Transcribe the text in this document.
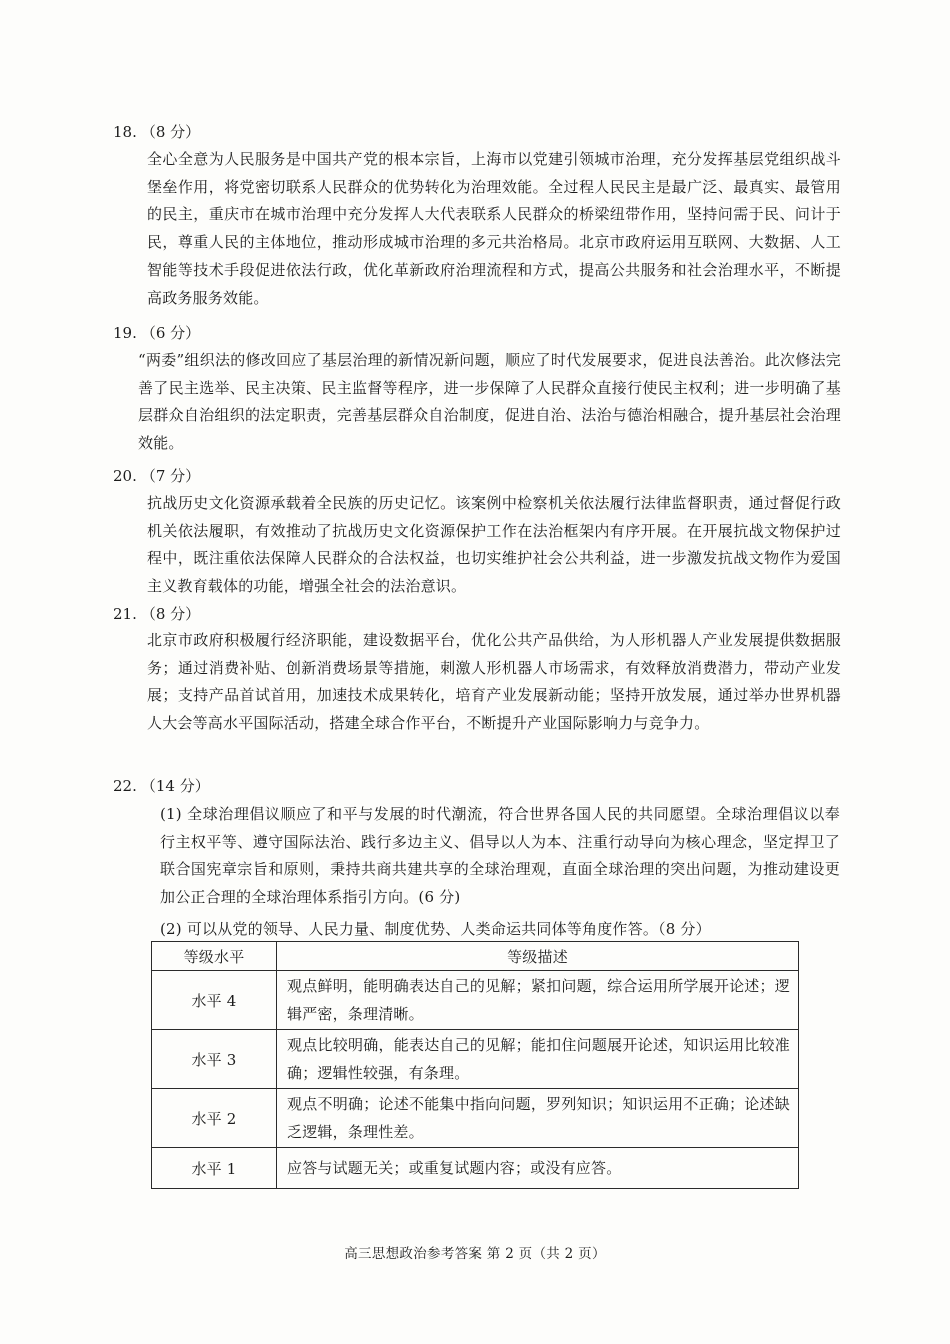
18. （8 分）
全心全意为人民服务是中国共产党的根本宗旨，上海市以党建引领城市治理，充分发挥基层党组织战斗堡垒作用，将党密切联系人民群众的优势转化为治理效能。全过程人民民主是最广泛、最真实、最管用的民主，重庆市在城市治理中充分发挥人大代表联系人民群众的桥梁纽带作用，坚持问需于民、问计于民，尊重人民的主体地位，推动形成城市治理的多元共治格局。北京市政府运用互联网、大数据、人工智能等技术手段促进依法行政，优化革新政府治理流程和方式，提高公共服务和社会治理水平，不断提高政务服务效能。
19. （6 分）
“两委”组织法的修改回应了基层治理的新情况新问题，顺应了时代发展要求，促进良法善治。此次修法完善了民主选举、民主决策、民主监督等程序，进一步保障了人民群众直接行使民主权利；进一步明确了基层群众自治组织的法定职责，完善基层群众自治制度，促进自治、法治与德治相融合，提升基层社会治理效能。
20. （7 分）
抗战历史文化资源承载着全民族的历史记忆。该案例中检察机关依法履行法律监督职责，通过督促行政机关依法履职，有效推动了抗战历史文化资源保护工作在法治框架内有序开展。在开展抗战文物保护过程中，既注重依法保障人民群众的合法权益，也切实维护社会公共利益，进一步激发抗战文物作为爱国主义教育载体的功能，增强全社会的法治意识。
21. （8 分）
北京市政府积极履行经济职能，建设数据平台，优化公共产品供给，为人形机器人产业发展提供数据服务；通过消费补贴、创新消费场景等措施，刺激人形机器人市场需求，有效释放消费潜力，带动产业发展；支持产品首试首用，加速技术成果转化，培育产业发展新动能；坚持开放发展，通过举办世界机器人大会等高水平国际活动，搭建全球合作平台，不断提升产业国际影响力与竞争力。
22. （14 分）
(1) 全球治理倡议顺应了和平与发展的时代潮流，符合世界各国人民的共同愿望。全球治理倡议以奉行主权平等、遵守国际法治、践行多边主义、倡导以人为本、注重行动导向为核心理念，坚定捍卫了联合国宪章宗旨和原则，秉持共商共建共享的全球治理观，直面全球治理的突出问题，为推动建设更加公正合理的全球治理体系指引方向。(6 分)
(2) 可以从党的领导、人民力量、制度优势、人类命运共同体等角度作答。（8 分）
等级水平	等级描述
水平 4	观点鲜明，能明确表达自己的见解；紧扣问题，综合运用所学展开论述；逻辑严密，条理清晰。
水平 3	观点比较明确，能表达自己的见解；能扣住问题展开论述，知识运用比较准确；逻辑性较强，有条理。
水平 2	观点不明确；论述不能集中指向问题，罗列知识；知识运用不正确；论述缺乏逻辑，条理性差。
水平 1	应答与试题无关；或重复试题内容；或没有应答。
高三思想政治参考答案 第 2 页（共 2 页）
